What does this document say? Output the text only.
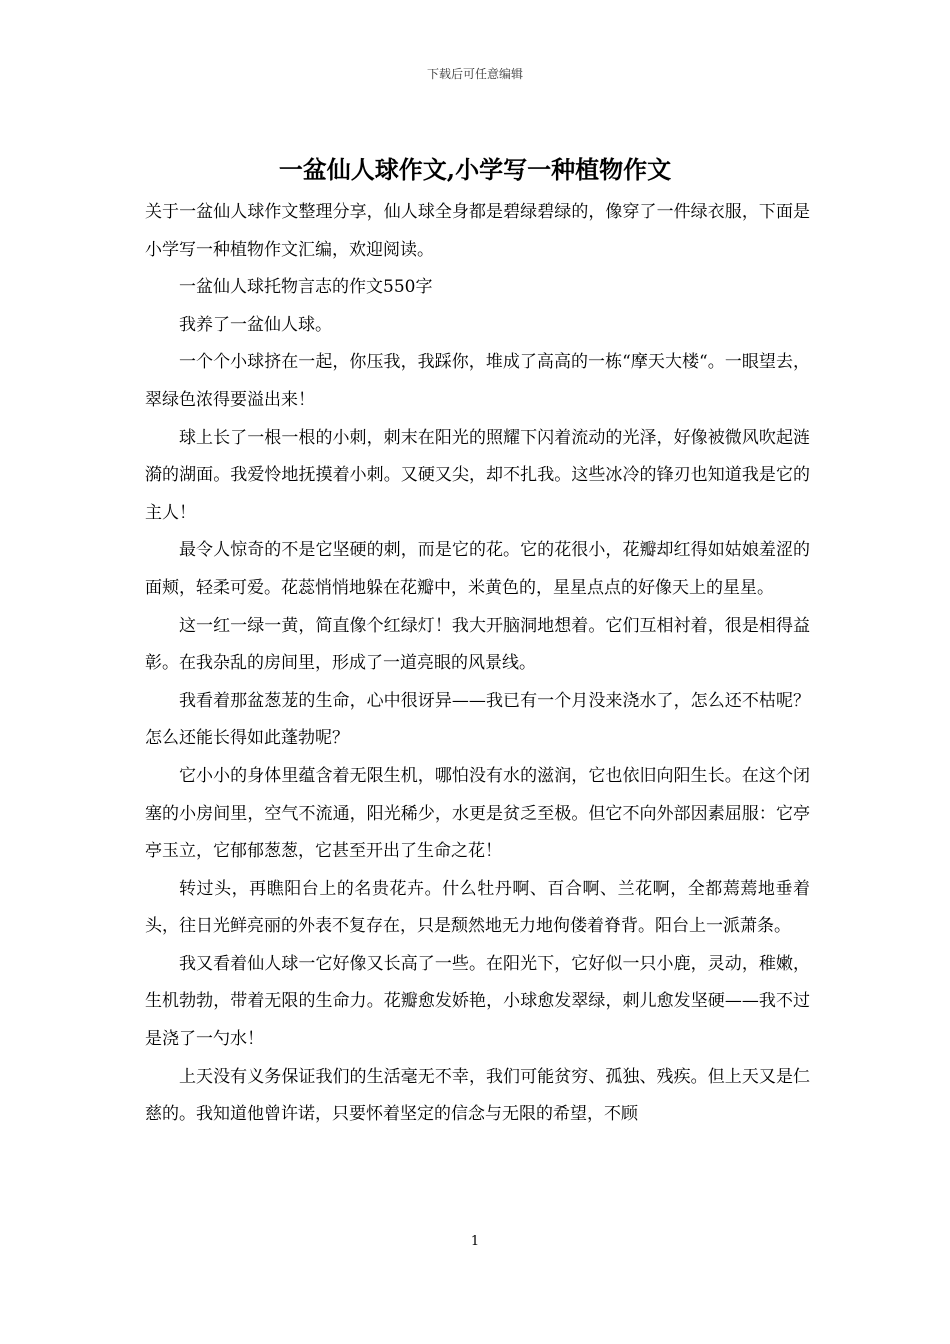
下载后可任意编辑
一盆仙人球作文,小学写一种植物作文

关于一盆仙人球作文整理分享，仙人球全身都是碧绿碧绿的，像穿了一件绿衣服，下面是小学写一种植物作文汇编，欢迎阅读。

一盆仙人球托物言志的作文550字

我养了一盆仙人球。

一个个小球挤在一起，你压我，我踩你，堆成了高高的一栋“摩天大楼“。一眼望去，翠绿色浓得要溢出来！

球上长了一根一根的小刺，刺末在阳光的照耀下闪着流动的光泽，好像被微风吹起涟漪的湖面。我爱怜地抚摸着小刺。又硬又尖，却不扎我。这些冰冷的锋刃也知道我是它的主人！

最令人惊奇的不是它坚硬的刺，而是它的花。它的花很小，花瓣却红得如姑娘羞涩的面颊，轻柔可爱。花蕊悄悄地躲在花瓣中，米黄色的，星星点点的好像天上的星星。

这一红一绿一黄，简直像个红绿灯！我大开脑洞地想着。它们互相衬着，很是相得益彰。在我杂乱的房间里，形成了一道亮眼的风景线。

我看着那盆葱茏的生命，心中很讶异——我已有一个月没来浇水了，怎么还不枯呢？怎么还能长得如此蓬勃呢？

它小小的身体里蕴含着无限生机，哪怕没有水的滋润，它也依旧向阳生长。在这个闭塞的小房间里，空气不流通，阳光稀少，水更是贫乏至极。但它不向外部因素屈服：它亭亭玉立，它郁郁葱葱，它甚至开出了生命之花！

转过头，再瞧阳台上的名贵花卉。什么牡丹啊、百合啊、兰花啊，全都蔫蔫地垂着头，往日光鲜亮丽的外表不复存在，只是颓然地无力地佝偻着脊背。阳台上一派萧条。

我又看着仙人球一它好像又长高了一些。在阳光下，它好似一只小鹿，灵动，稚嫩，生机勃勃，带着无限的生命力。花瓣愈发娇艳，小球愈发翠绿，刺儿愈发坚硬——我不过是浇了一勺水！

上天没有义务保证我们的生活毫无不幸，我们可能贫穷、孤独、残疾。但上天又是仁慈的。我知道他曾许诺，只要怀着坚定的信念与无限的希望，不顾

1
